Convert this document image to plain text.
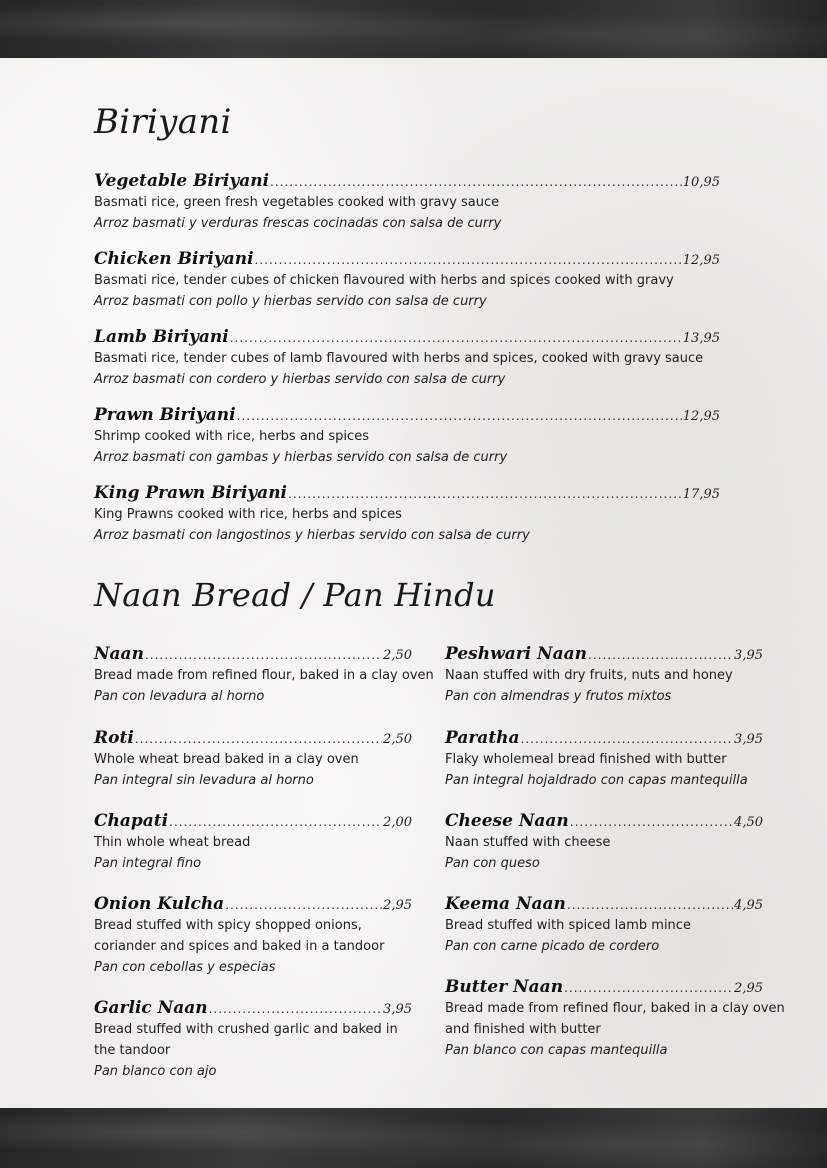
Biriyani
Vegetable Biriyani .....	10,95
Basmati rice, green fresh vegetables cooked with gravy sauce
Arroz basmati y verduras frescas cocinadas con salsa de curry
Chicken Biriyani .....	12,95
Basmati rice, tender cubes of chicken flavoured with herbs and spices cooked with gravy
Arroz basmati con pollo y hierbas servido con salsa de curry
Lamb Biriyani .....	13,95
Basmati rice, tender cubes of lamb flavoured with herbs and spices, cooked with gravy sauce
Arroz basmati con cordero y hierbas servido con salsa de curry
Prawn Biriyani .....	12,95
Shrimp cooked with rice, herbs and spices
Arroz basmati con gambas y hierbas servido con salsa de curry
King Prawn Biriyani .....	17,95
King Prawns cooked with rice, herbs and spices
Arroz basmati con langostinos y hierbas servido con salsa de curry
Naan Bread / Pan Hindu
Naan .....	2,50
Bread made from refined flour, baked in a clay oven
Pan con levadura al horno
Roti .....	2,50
Whole wheat bread baked in a clay oven
Pan integral sin levadura al horno
Chapati .....	2,00
Thin whole wheat bread
Pan integral fino
Onion Kulcha .....	2,95
Bread stuffed with spicy shopped onions,
coriander and spices and baked in a tandoor
Pan con cebollas y especias
Garlic Naan .....	3,95
Bread stuffed with crushed garlic and baked in
the tandoor
Pan blanco con ajo
Peshwari Naan .....	3,95
Naan stuffed with dry fruits, nuts and honey
Pan con almendras y frutos mixtos
Paratha .....	3,95
Flaky wholemeal bread finished with butter
Pan integral hojaldrado con capas mantequilla
Cheese Naan .....	4,50
Naan stuffed with cheese
Pan con queso
Keema Naan .....	4,95
Bread stuffed with spiced lamb mince
Pan con carne picado de cordero
Butter Naan .....	2,95
Bread made from refined flour, baked in a clay oven
and finished with butter
Pan blanco con capas mantequilla
